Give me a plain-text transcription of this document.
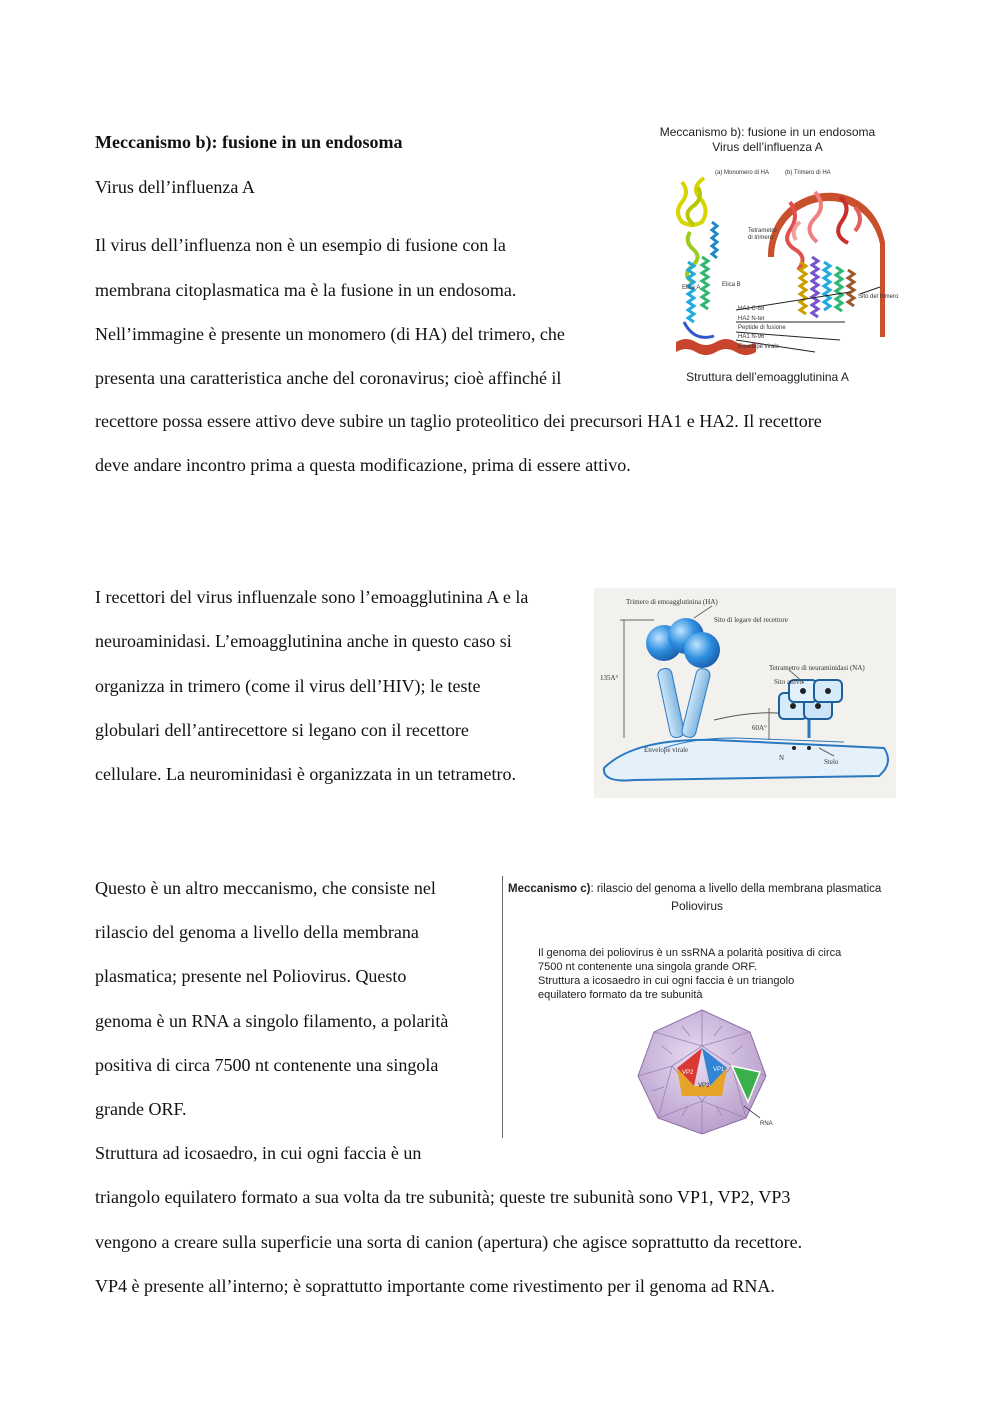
Meccanismo b): fusione in un endosoma
Virus dell’influenza A
Il virus dell’influenza non è un esempio di fusione con la
membrana citoplasmatica ma è la fusione in un endosoma.
Nell’immagine è presente un monomero (di HA) del trimero, che
presenta una caratteristica anche del coronavirus; cioè affinché il
recettore possa essere attivo deve subire un taglio proteolitico dei precursori HA1 e HA2. Il recettore
deve andare incontro prima a questa modificazione, prima di essere attivo.
Meccanismo b): fusione in un endosoma
Virus dell’influenza A
(a) Monomero di HA	(b) Trimero di HA
Tetrametro
di trimero
Elica A	Elica B
HA1 C-88
HA2 N-ter
Peptide di fusione
HA1 N-96
Envelope virale
Sito del trimero
Struttura dell’emoagglutinina A
I recettori del virus influenzale sono l’emoagglutinina A e la
neuroaminidasi. L’emoagglutinina anche in questo caso si
organizza in trimero (come il virus dell’HIV); le teste
globulari dell’antirecettore si legano con il recettore
cellulare. La neurominidasi è organizzata in un tetrametro.
Trimero di emoagglutinina (HA)
Sito di legare del recettore
Tetrametro di neuraminidasi (NA)
Sito attivo
135A°
60A°
Envelope virale
N	Stelo
Questo è un altro meccanismo, che consiste nel
rilascio del genoma a livello della membrana
plasmatica; presente nel Poliovirus. Questo
genoma è un RNA a singolo filamento, a polarità
positiva di circa 7500 nt contenente una singola
grande ORF.
Struttura ad icosaedro, in cui ogni faccia è un
triangolo equilatero formato a sua volta da tre subunità; queste tre subunità sono VP1, VP2, VP3
vengono a creare sulla superficie una sorta di canion (apertura) che agisce soprattutto da recettore.
VP4 è presente all’interno; è soprattutto importante come rivestimento per il genoma ad RNA.
Meccanismo c): rilascio del genoma a livello della membrana plasmatica
Poliovirus
Il genoma dei poliovirus è un ssRNA a polarità positiva di circa
7500 nt contenente una singola grande ORF.
Struttura a icosaedro in cui ogni faccia è un triangolo
equilatero formato da tre subunità
VP1
VP2
VP3
RNA
